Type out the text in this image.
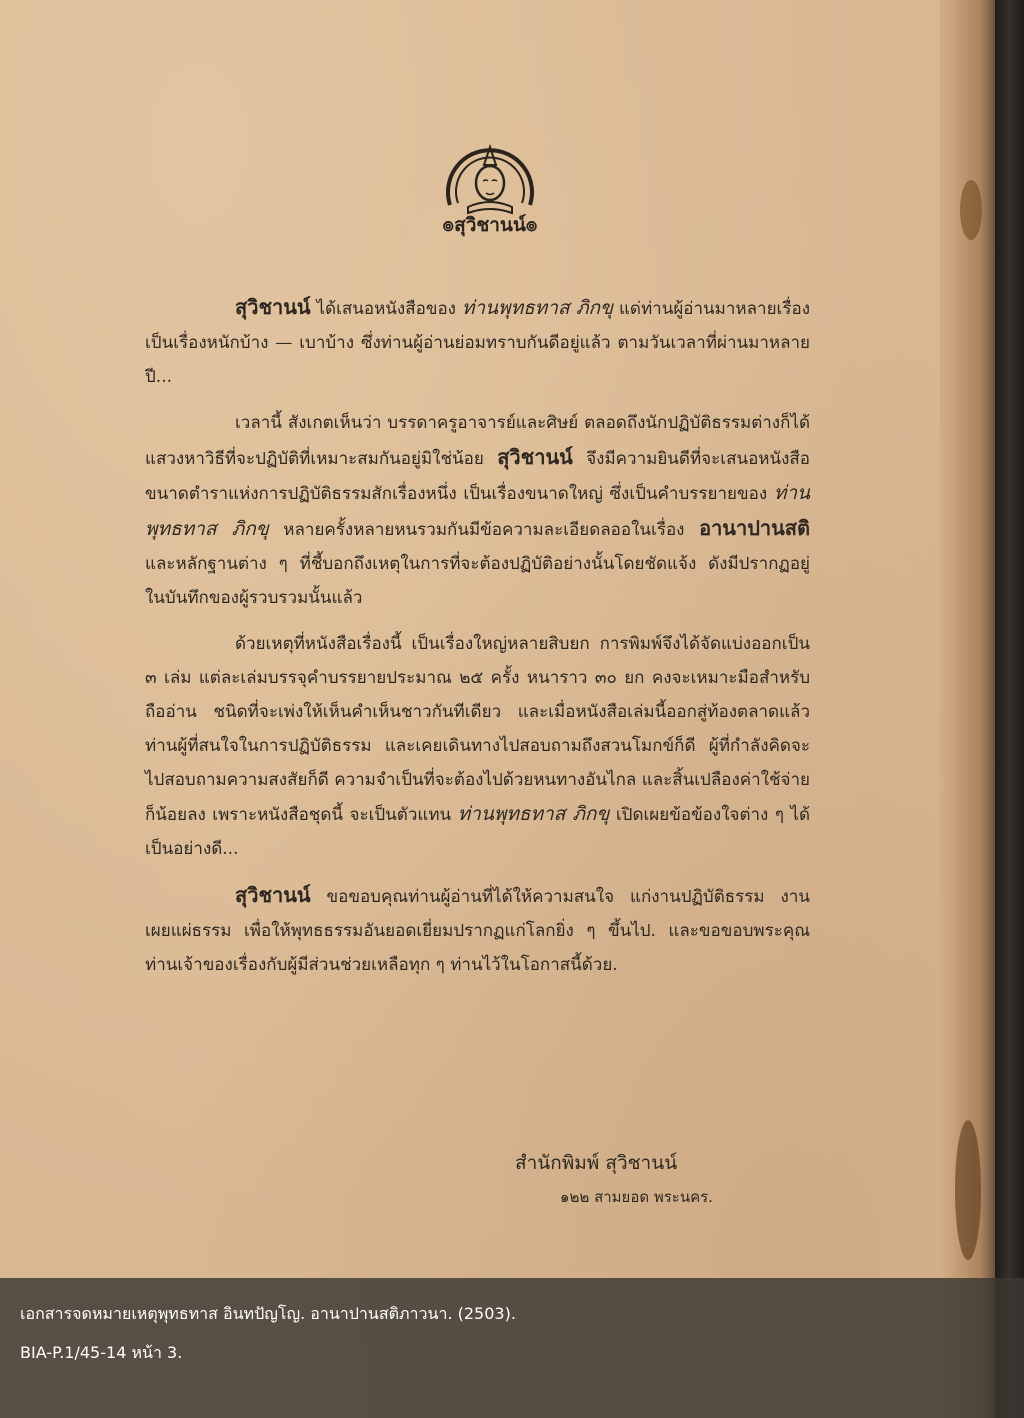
๏สุวิชานน์๏

สุวิชานน์ ได้เสนอหนังสือของ ท่านพุทธทาส ภิกขุ แด่ท่านผู้อ่านมาหลายเรื่อง เป็นเรื่องหนักบ้าง — เบาบ้าง ซึ่งท่านผู้อ่านย่อมทราบกันดีอยู่แล้ว ตามวันเวลาที่ผ่านมาหลายปี...

เวลานี้ สังเกตเห็นว่า บรรดาครูอาจารย์และศิษย์ ตลอดถึงนักปฏิบัติธรรมต่างก็ได้แสวงหาวิธีที่จะปฏิบัติที่เหมาะสมกันอยู่มิใช่น้อย สุวิชานน์ จึงมีความยินดีที่จะเสนอหนังสือขนาดตำราแห่งการปฏิบัติธรรมสักเรื่องหนึ่ง เป็นเรื่องขนาดใหญ่ ซึ่งเป็นคำบรรยายของ ท่านพุทธทาส ภิกขุ หลายครั้งหลายหนรวมกันมีข้อความละเอียดลออในเรื่อง อานาปานสติ และหลักฐานต่าง ๆ ที่ชี้บอกถึงเหตุในการที่จะต้องปฏิบัติอย่างนั้นโดยชัดแจ้ง ดังมีปรากฏอยู่ในบันทึกของผู้รวบรวมนั้นแล้ว

ด้วยเหตุที่หนังสือเรื่องนี้ เป็นเรื่องใหญ่หลายสิบยก การพิมพ์จึงได้จัดแบ่งออกเป็น ๓ เล่ม แต่ละเล่มบรรจุคำบรรยายประมาณ ๒๕ ครั้ง หนาราว ๓๐ ยก คงจะเหมาะมือสำหรับถืออ่าน ชนิดที่จะเพ่งให้เห็นคำเห็นชาวกันทีเดียว และเมื่อหนังสือเล่มนี้ออกสู่ท้องตลาดแล้ว ท่านผู้ที่สนใจในการปฏิบัติธรรม และเคยเดินทางไปสอบถามถึงสวนโมกข์ก็ดี ผู้ที่กำลังคิดจะไปสอบถามความสงสัยก็ดี ความจำเป็นที่จะต้องไปด้วยหนทางอันไกล และสิ้นเปลืองค่าใช้จ่ายก็น้อยลง เพราะหนังสือชุดนี้ จะเป็นตัวแทน ท่านพุทธทาส ภิกขุ เปิดเผยข้อข้องใจต่าง ๆ ได้เป็นอย่างดี...

สุวิชานน์ ขอขอบคุณท่านผู้อ่านที่ได้ให้ความสนใจ แก่งานปฏิบัติธรรม งานเผยแผ่ธรรม เพื่อให้พุทธธรรมอันยอดเยี่ยมปรากฏแก่โลกยิ่ง ๆ ขึ้นไป. และขอขอบพระคุณ ท่านเจ้าของเรื่องกับผู้มีส่วนช่วยเหลือทุก ๆ ท่านไว้ในโอกาสนี้ด้วย.

สำนักพิมพ์ สุวิชานน์
๑๒๒ สามยอด พระนคร.
เอกสารจดหมายเหตุพุทธทาส อินทปัญโญ. อานาปานสติภาวนา. (2503).
BIA-P.1/45-14 หน้า 3.
